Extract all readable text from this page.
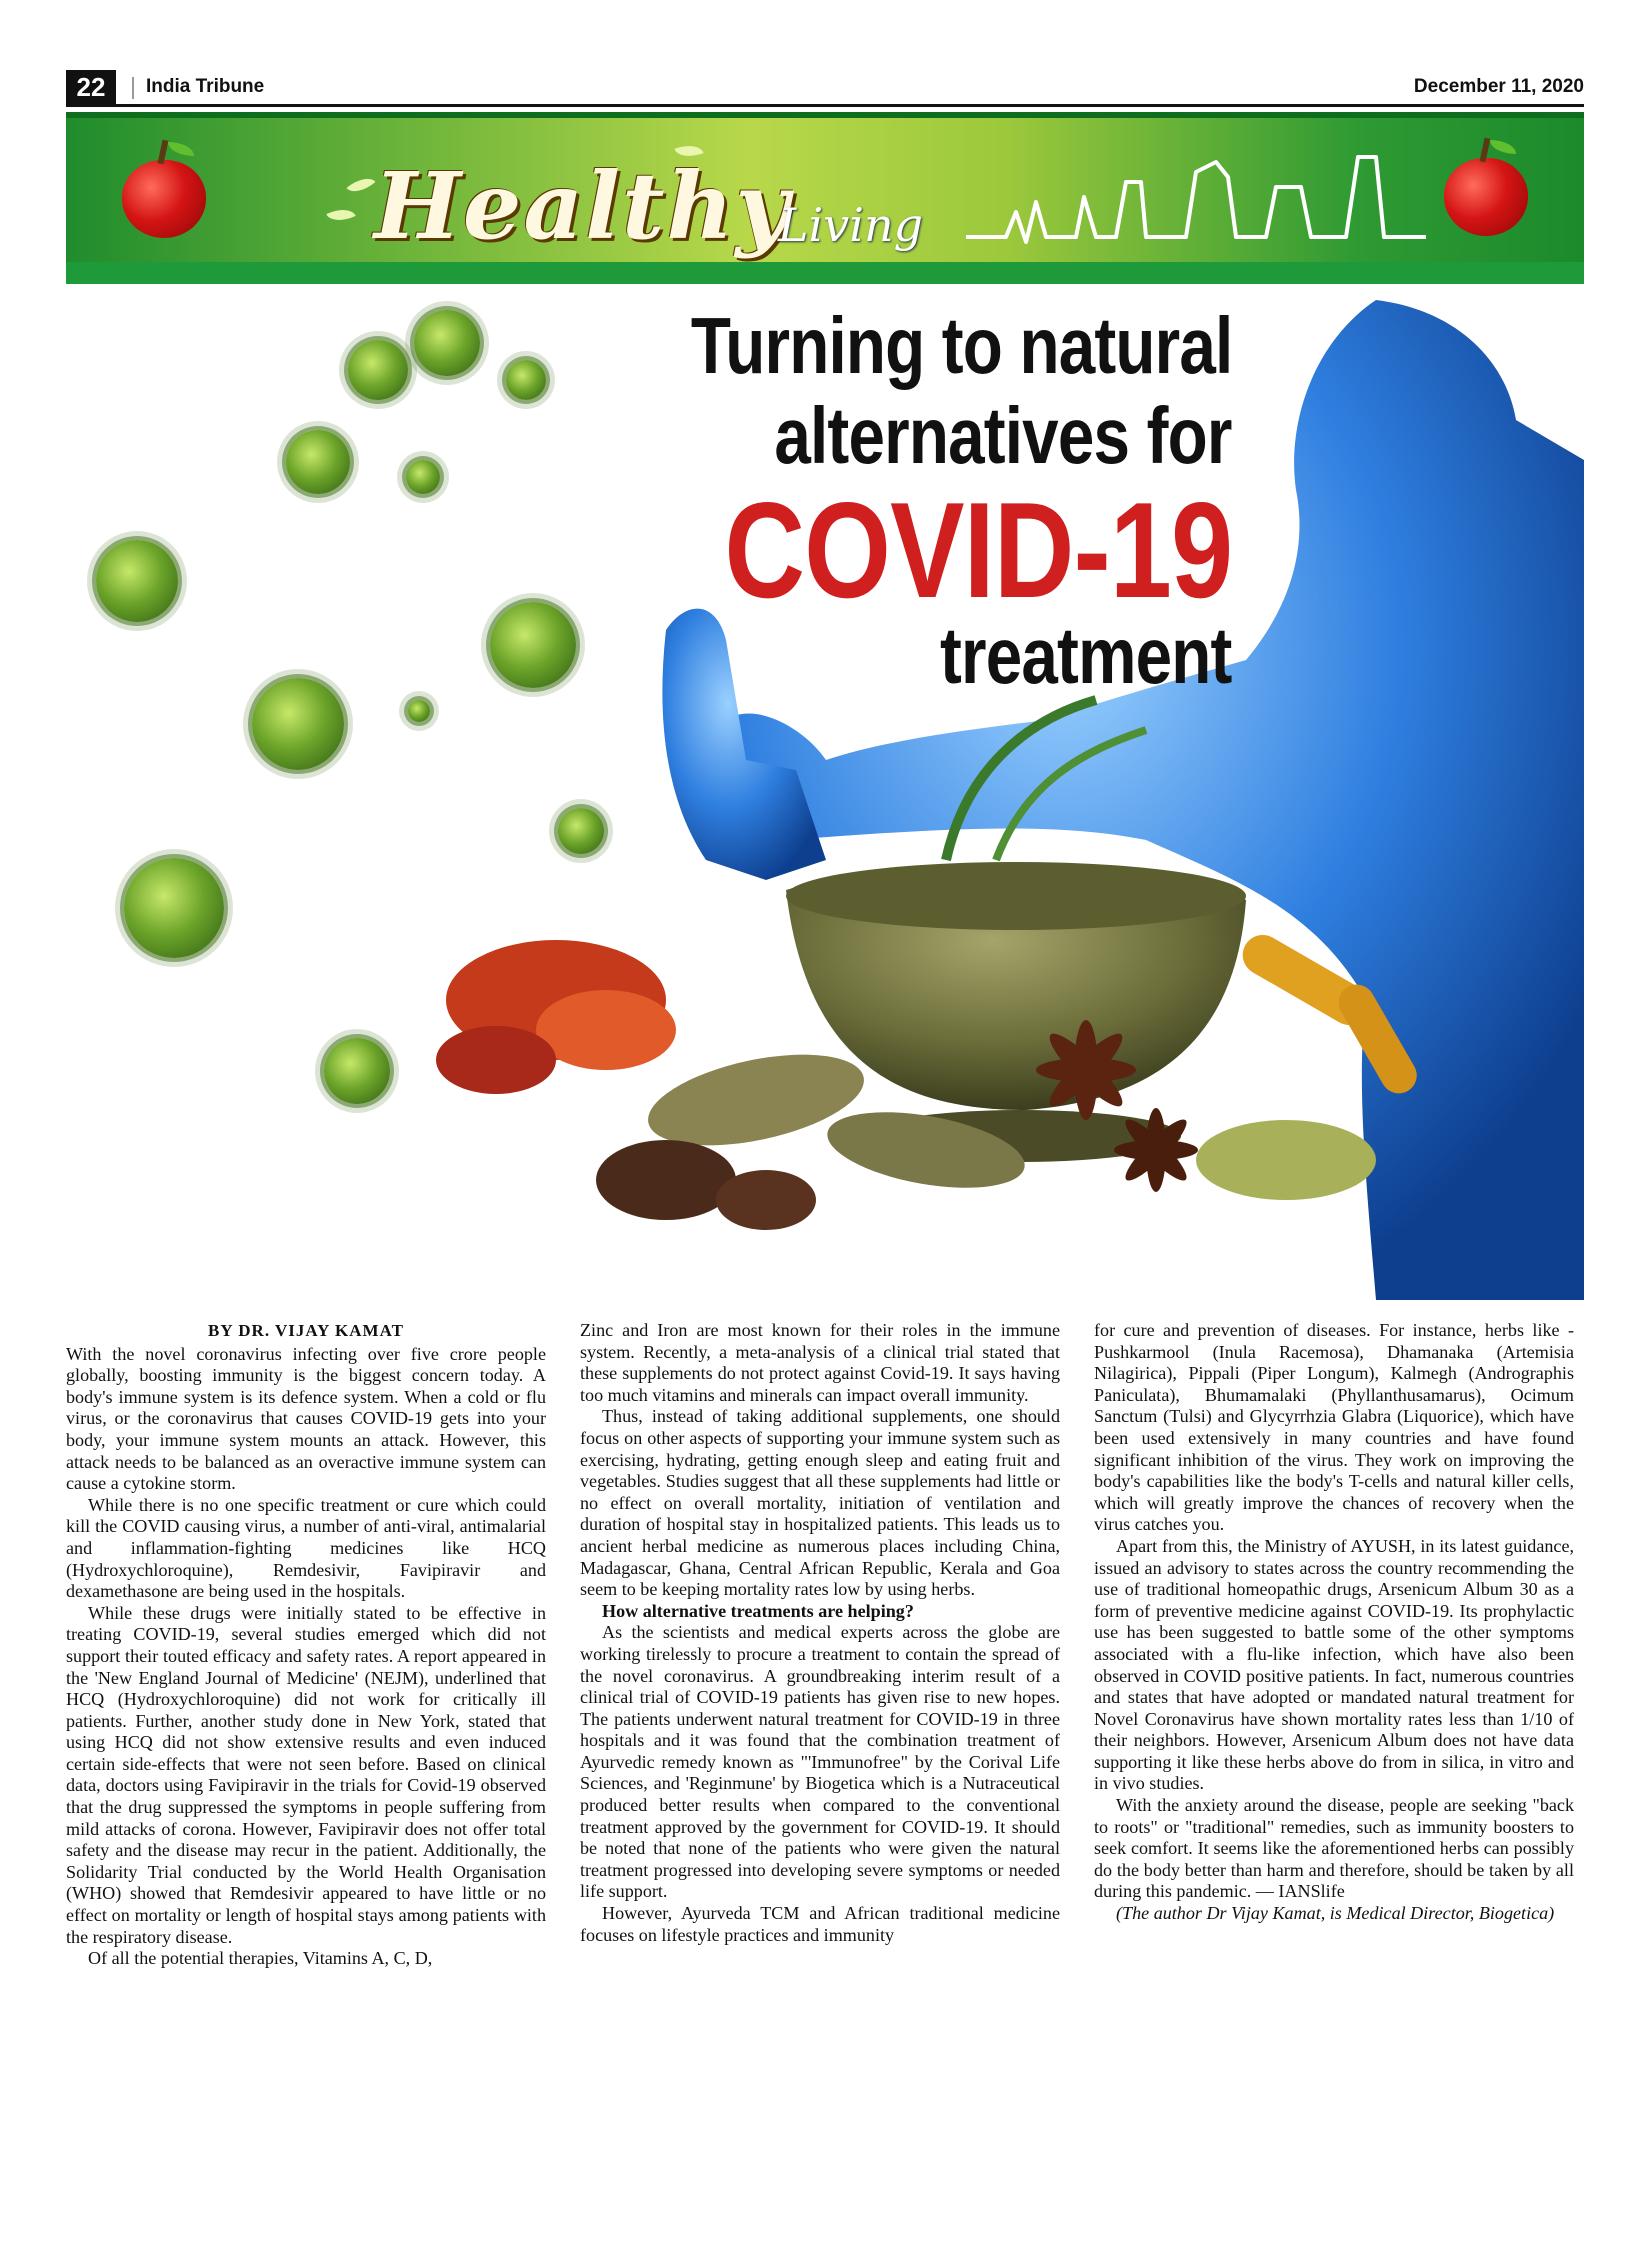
22	India Tribune	December 11, 2020
Healthy
Living
Turning to natural
alternatives for
COVID-19
treatment
BY DR. VIJAY KAMAT

With the novel coronavirus infecting over five crore people globally, boosting immunity is the biggest concern today. A body's immune system is its defence system. When a cold or flu virus, or the coronavirus that causes COVID-19 gets into your body, your immune system mounts an attack. However, this attack needs to be balanced as an overactive immune system can cause a cytokine storm.

While there is no one specific treatment or cure which could kill the COVID causing virus, a number of anti-viral, antimalarial and inflammation-fighting medicines like HCQ (Hydroxychloroquine), Remdesivir, Favipiravir and dexamethasone are being used in the hospitals.

While these drugs were initially stated to be effective in treating COVID-19, several studies emerged which did not support their touted efficacy and safety rates. A report appeared in the 'New England Journal of Medicine' (NEJM), underlined that HCQ (Hydroxychloroquine) did not work for critically ill patients. Further, another study done in New York, stated that using HCQ did not show extensive results and even induced certain side-effects that were not seen before. Based on clinical data, doctors using Favipiravir in the trials for Covid-19 observed that the drug suppressed the symptoms in people suffering from mild attacks of corona. However, Favipiravir does not offer total safety and the disease may recur in the patient. Additionally, the Solidarity Trial conducted by the World Health Organisation (WHO) showed that Remdesivir appeared to have little or no effect on mortality or length of hospital stays among patients with the respiratory disease.

Of all the potential therapies, Vitamins A, C, D,

Zinc and Iron are most known for their roles in the immune system. Recently, a meta-analysis of a clinical trial stated that these supplements do not protect against Covid-19. It says having too much vitamins and minerals can impact overall immunity.

Thus, instead of taking additional supplements, one should focus on other aspects of supporting your immune system such as exercising, hydrating, getting enough sleep and eating fruit and vegetables. Studies suggest that all these supplements had little or no effect on overall mortality, initiation of ventilation and duration of hospital stay in hospitalized patients. This leads us to ancient herbal medicine as numerous places including China, Madagascar, Ghana, Central African Republic, Kerala and Goa seem to be keeping mortality rates low by using herbs.

How alternative treatments are helping?

As the scientists and medical experts across the globe are working tirelessly to procure a treatment to contain the spread of the novel coronavirus. A groundbreaking interim result of a clinical trial of COVID-19 patients has given rise to new hopes. The patients underwent natural treatment for COVID-19 in three hospitals and it was found that the combination treatment of Ayurvedic remedy known as "'Immunofree" by the Corival Life Sciences, and 'Reginmune' by Biogetica which is a Nutraceutical produced better results when compared to the conventional treatment approved by the government for COVID-19. It should be noted that none of the patients who were given the natural treatment progressed into developing severe symptoms or needed life support.

However, Ayurveda TCM and African traditional medicine focuses on lifestyle practices and immunity

for cure and prevention of diseases. For instance, herbs like - Pushkarmool (Inula Racemosa), Dhamanaka (Artemisia Nilagirica), Pippali (Piper Longum), Kalmegh (Andrographis Paniculata), Bhumamalaki (Phyllanthusamarus), Ocimum Sanctum (Tulsi) and Glycyrrhzia Glabra (Liquorice), which have been used extensively in many countries and have found significant inhibition of the virus. They work on improving the body's capabilities like the body's T-cells and natural killer cells, which will greatly improve the chances of recovery when the virus catches you.

Apart from this, the Ministry of AYUSH, in its latest guidance, issued an advisory to states across the country recommending the use of traditional homeopathic drugs, Arsenicum Album 30 as a form of preventive medicine against COVID-19. Its prophylactic use has been suggested to battle some of the other symptoms associated with a flu-like infection, which have also been observed in COVID positive patients. In fact, numerous countries and states that have adopted or mandated natural treatment for Novel Coronavirus have shown mortality rates less than 1/10 of their neighbors. However, Arsenicum Album does not have data supporting it like these herbs above do from in silica, in vitro and in vivo studies.

With the anxiety around the disease, people are seeking "back to roots" or "traditional" remedies, such as immunity boosters to seek comfort. It seems like the aforementioned herbs can possibly do the body better than harm and therefore, should be taken by all during this pandemic. — IANSlife

(The author Dr Vijay Kamat, is Medical Director, Biogetica)
